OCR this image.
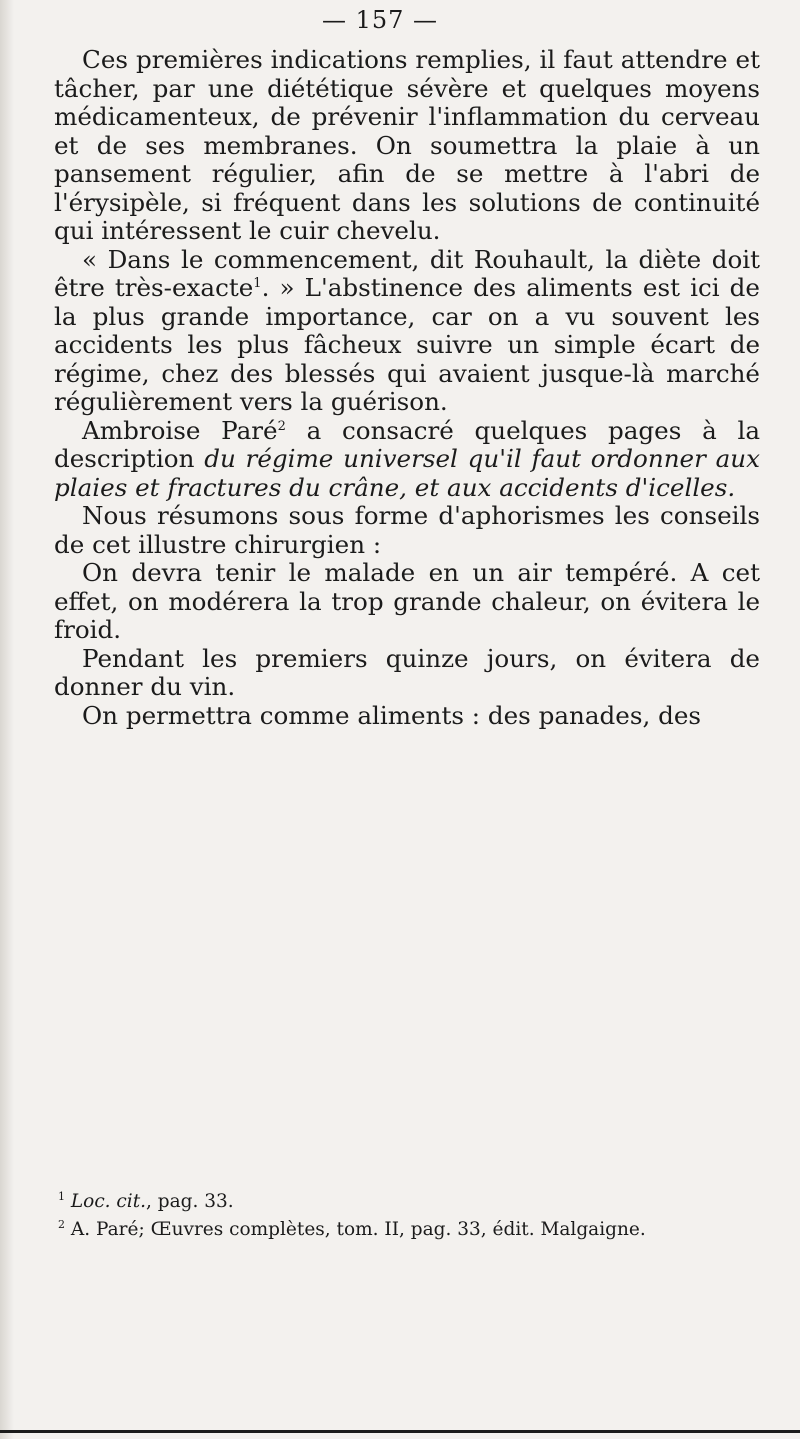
— 157 —

Ces premières indications remplies, il faut attendre et tâcher, par une diététique sévère et quelques moyens médicamenteux, de prévenir l'inflammation du cerveau et de ses membranes. On soumettra la plaie à un pansement régulier, afin de se mettre à l'abri de l'érysipèle, si fréquent dans les solutions de continuité qui intéressent le cuir chevelu.

« Dans le commencement, dit Rouhault, la diète doit être très-exacte$^1$. » L'abstinence des aliments est ici de la plus grande importance, car on a vu souvent les accidents les plus fâcheux suivre un simple écart de régime, chez des blessés qui avaient jusque-là marché régulièrement vers la guérison.

Ambroise Paré$^2$ a consacré quelques pages à la description du régime universel qu'il faut ordonner aux plaies et fractures du crâne, et aux accidents d'icelles.

Nous résumons sous forme d'aphorismes les conseils de cet illustre chirurgien :

On devra tenir le malade en un air tempéré. A cet effet, on modérera la trop grande chaleur, on évitera le froid.

Pendant les premiers quinze jours, on évitera de donner du vin.

On permettra comme aliments : des panades, des

$^1$ Loc. cit., pag. 33.
$^2$ A. Paré; Œuvres complètes, tom. II, pag. 33, édit. Malgaigne.
